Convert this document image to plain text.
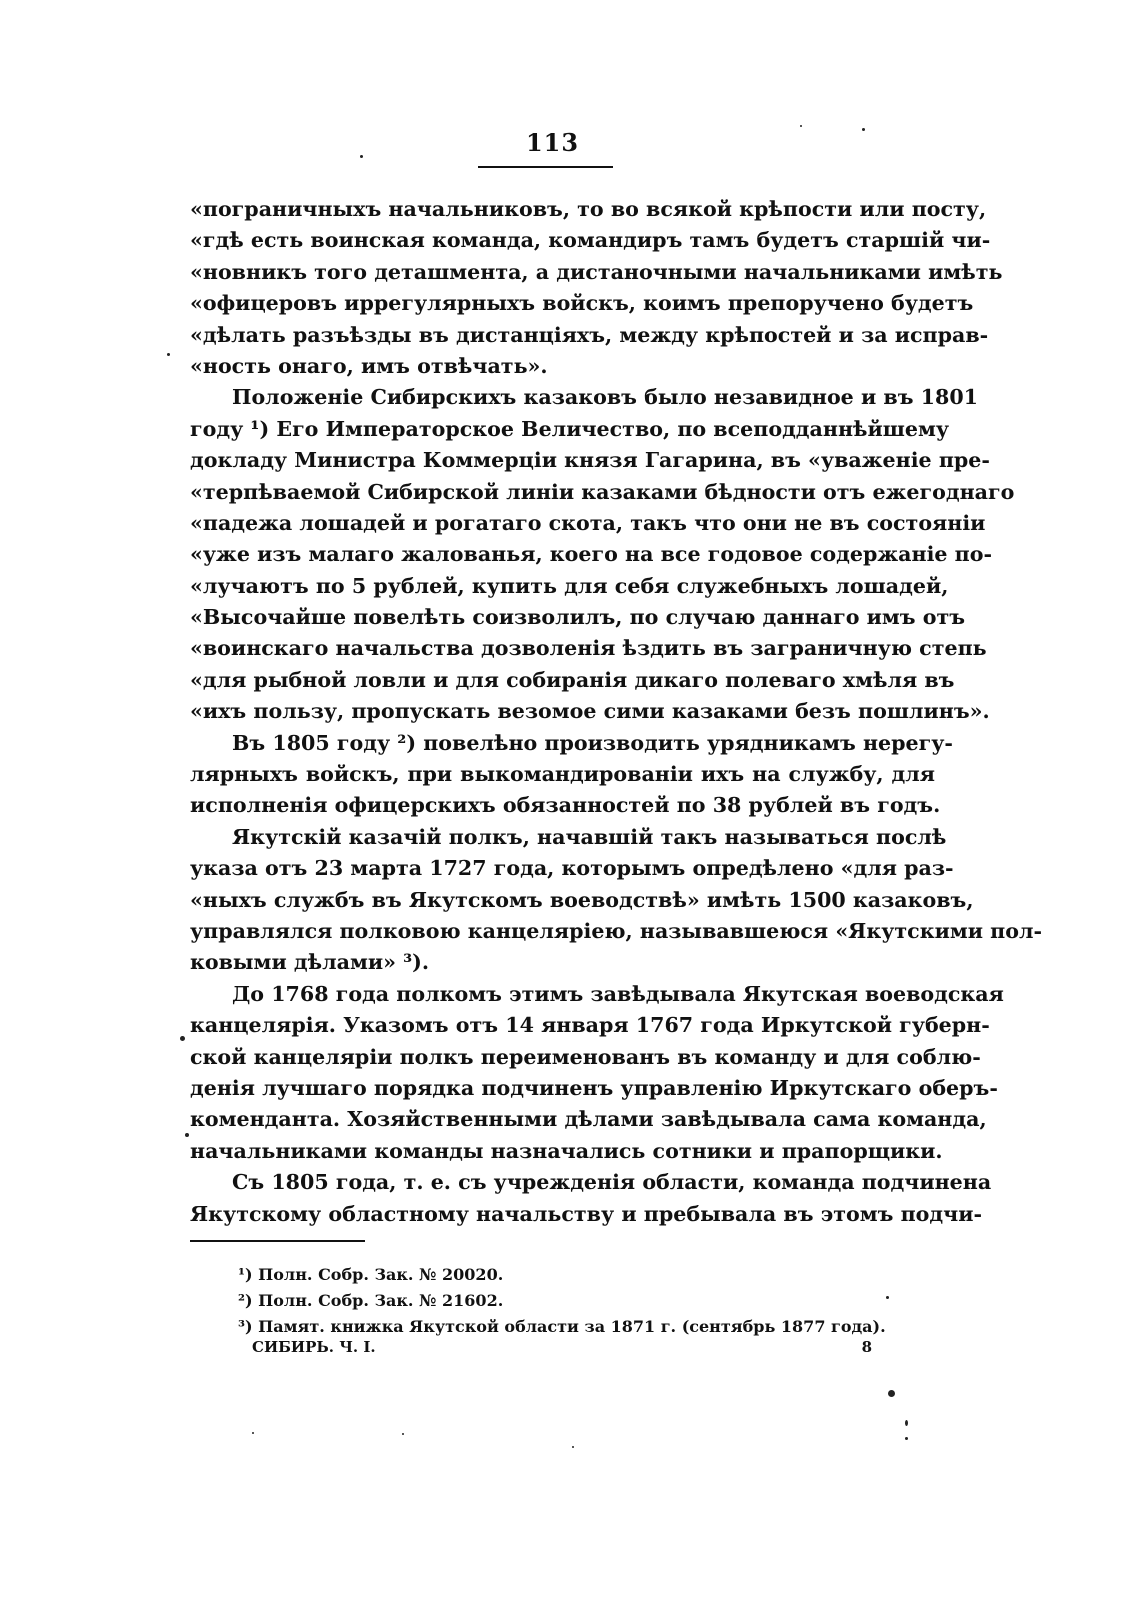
113
«пограничныхъ начальниковъ, то во всякой крѣпости или посту,
«гдѣ есть воинская команда, командиръ тамъ будетъ старшій чи-
«новникъ того деташмента, а дистаночными начальниками имѣть
«офицеровъ иррегулярныхъ войскъ, коимъ препоручено будетъ
«дѣлать разъѣзды въ дистанціяхъ, между крѣпостей и за исправ-
«ность онаго, имъ отвѣчать».
Положеніе Сибирскихъ казаковъ было незавидное и въ 1801
году ¹) Его Императорское Величество, по всеподданнѣйшему
докладу Министра Коммерціи князя Гагарина, въ «уваженіе пре-
«терпѣваемой Сибирской линіи казаками бѣдности отъ ежегоднаго
«падежа лошадей и рогатаго скота, такъ что они не въ состояніи
«уже изъ малаго жалованья, коего на все годовое содержаніе по-
«лучаютъ по 5 рублей, купить для себя служебныхъ лошадей,
«Высочайше повелѣть соизволилъ, по случаю даннаго имъ отъ
«воинскаго начальства дозволенія ѣздить въ заграничную степь
«для рыбной ловли и для собиранія дикаго полеваго хмѣля въ
«ихъ пользу, пропускать везомое сими казаками безъ пошлинъ».
Въ 1805 году ²) повелѣно производить урядникамъ нерегу-
лярныхъ войскъ, при выкомандированіи ихъ на службу, для
исполненія офицерскихъ обязанностей по 38 рублей въ годъ.
Якутскій казачій полкъ, начавшій такъ называться послѣ
указа отъ 23 марта 1727 года, которымъ опредѣлено «для раз-
«ныхъ службъ въ Якутскомъ воеводствѣ» имѣть 1500 казаковъ,
управлялся полковою канцеляріею, называвшеюся «Якутскими пол-
ковыми дѣлами» ³).
До 1768 года полкомъ этимъ завѣдывала Якутская воеводская
канцелярія. Указомъ отъ 14 января 1767 года Иркутской губерн-
ской канцеляріи полкъ переименованъ въ команду и для соблю-
денія лучшаго порядка подчиненъ управленію Иркутскаго оберъ-
коменданта. Хозяйственными дѣлами завѣдывала сама команда,
начальниками команды назначались сотники и прапорщики.
Съ 1805 года, т. е. съ учрежденія области, команда подчинена
Якутскому областному начальству и пребывала въ этомъ подчи-
¹) Полн. Собр. Зак. № 20020.
²) Полн. Собр. Зак. № 21602.
³) Памят. книжка Якутской области за 1871 г. (сентябрь 1877 года).
СИБИРЬ. Ч. I.	8
